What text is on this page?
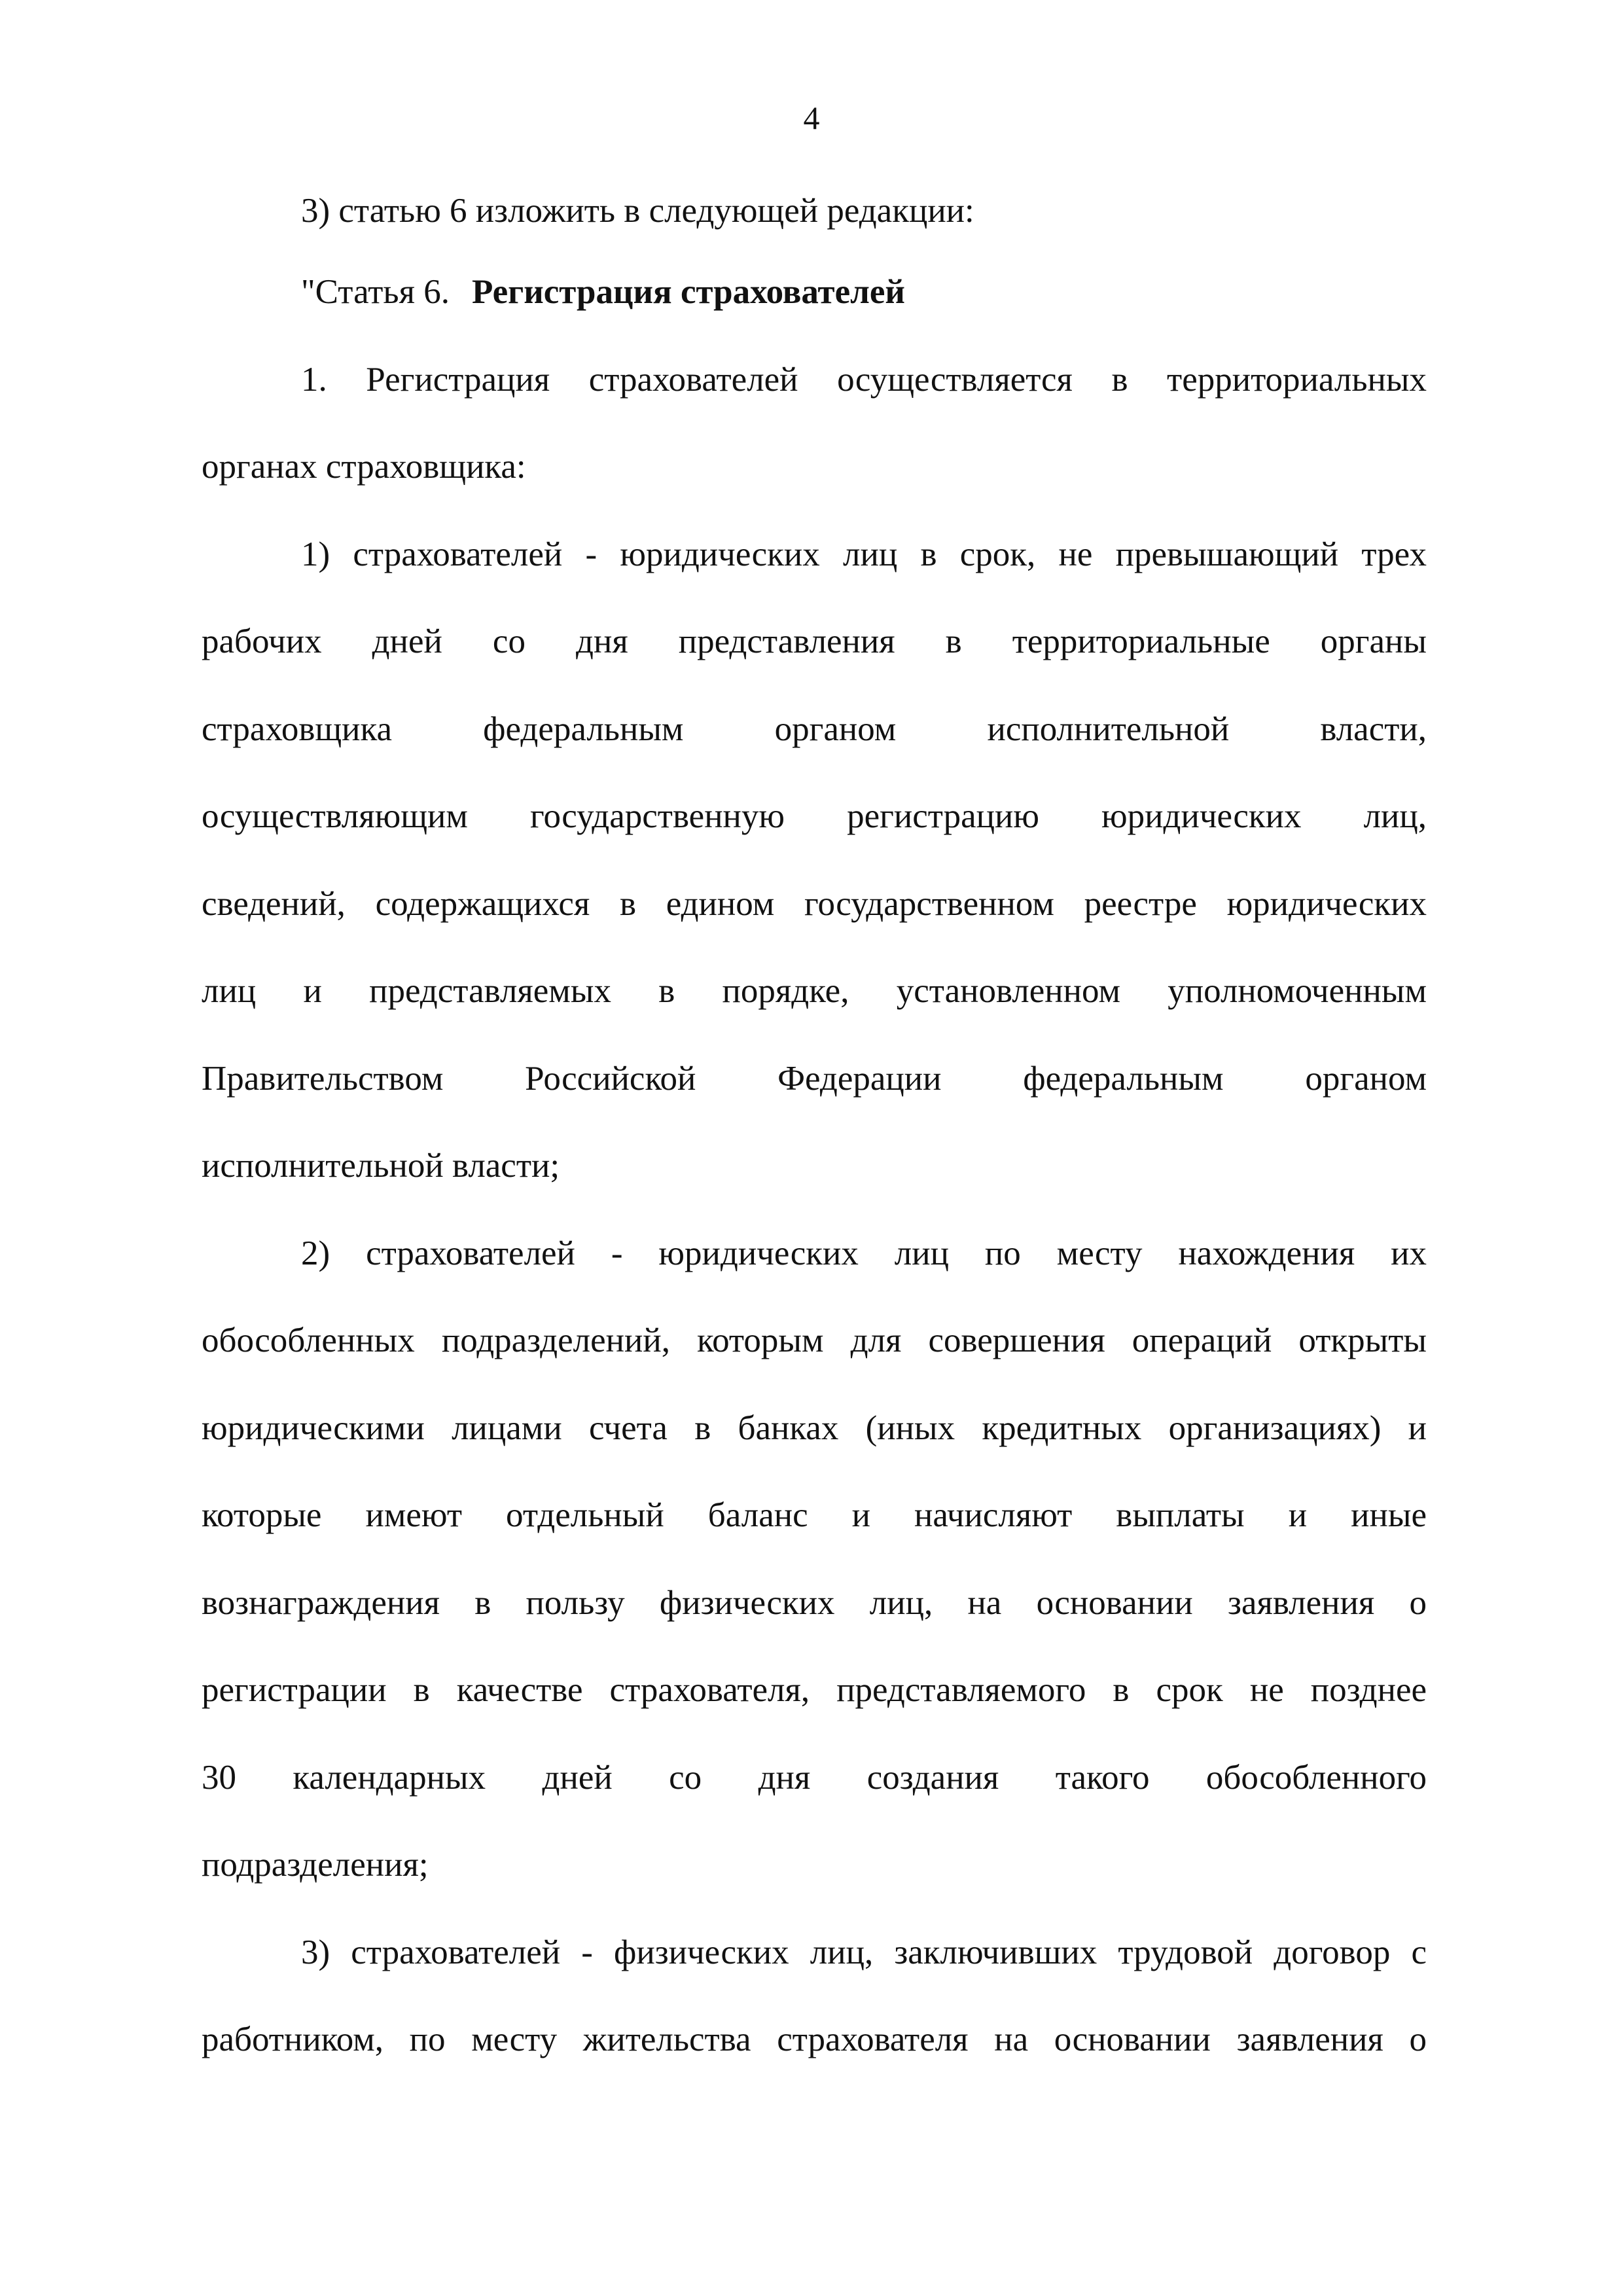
4
3) статью 6 изложить в следующей редакции:
"Статья 6. Регистрация страхователей
1. Регистрация страхователей осуществляется в территориальных
органах страховщика:
1) страхователей - юридических лиц в срок, не превышающий трех
рабочих дней со дня представления в территориальные органы
страховщика федеральным органом исполнительной власти,
осуществляющим государственную регистрацию юридических лиц,
сведений, содержащихся в едином государственном реестре юридических
лиц и представляемых в порядке, установленном уполномоченным
Правительством Российской Федерации федеральным органом
исполнительной власти;
2) страхователей - юридических лиц по месту нахождения их
обособленных подразделений, которым для совершения операций открыты
юридическими лицами счета в банках (иных кредитных организациях) и
которые имеют отдельный баланс и начисляют выплаты и иные
вознаграждения в пользу физических лиц, на основании заявления о
регистрации в качестве страхователя, представляемого в срок не позднее
30 календарных дней со дня создания такого обособленного
подразделения;
3) страхователей - физических лиц, заключивших трудовой договор с
работником, по месту жительства страхователя на основании заявления о
